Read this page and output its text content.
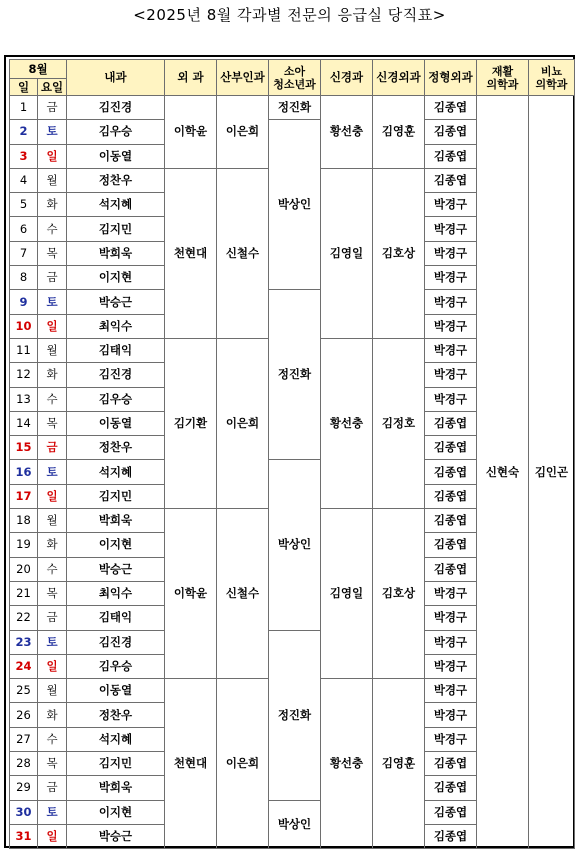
<2025년 8월 각과별 전문의 응급실 당직표>
8월		내과	외 과	산부인과	소아
청소년과	신경과	신경외과	정형외과	재활
의학과	비뇨
의학과
일	요일									
1	금	김진경	이학윤	이은희	정진화	황선충	김영훈	김종엽	신현숙	김인곤
2	토	김우승			박상인			김종엽		
3	일	이동열						김종엽		
4	월	정찬우	천현대	신철수		김영일	김호상	김종엽		
5	화	석지혜						박경구		
6	수	김지민						박경구		
7	목	박희욱						박경구		
8	금	이지현						박경구		
9	토	박승근			정진화			박경구		
10	일	최익수						박경구		
11	월	김태익	김기환	이은희		황선충	김정호	박경구		
12	화	김진경						박경구		
13	수	김우승						박경구		
14	목	이동열						김종엽		
15	금	정찬우						김종엽		
16	토	석지혜			박상인			김종엽		
17	일	김지민						김종엽		
18	월	박희욱	이학윤	신철수		김영일	김호상	김종엽		
19	화	이지현						김종엽		
20	수	박승근						김종엽		
21	목	최익수						박경구		
22	금	김태익						박경구		
23	토	김진경			정진화			박경구		
24	일	김우승						박경구		
25	월	이동열	천현대	이은희		황선충	김영훈	박경구		
26	화	정찬우						박경구		
27	수	석지혜						박경구		
28	목	김지민						김종엽		
29	금	박희욱						김종엽		
30	토	이지현			박상인			김종엽		
31	일	박승근						김종엽		
